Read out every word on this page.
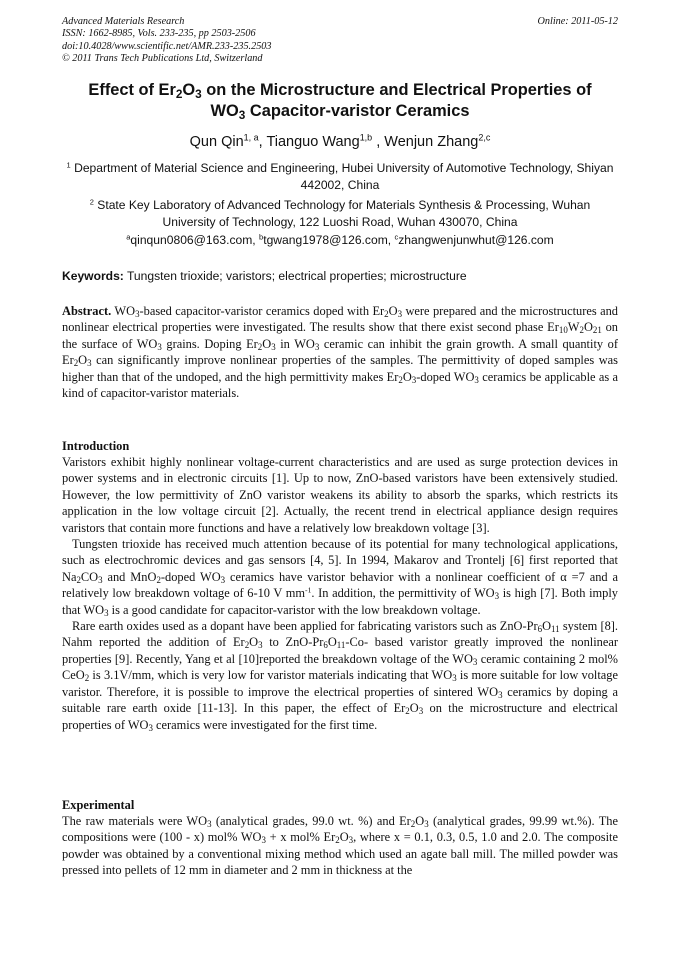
Advanced Materials Research
ISSN: 1662-8985, Vols. 233-235, pp 2503-2506
doi:10.4028/www.scientific.net/AMR.233-235.2503
© 2011 Trans Tech Publications Ltd, Switzerland
Online: 2011-05-12
Effect of $Er_2O_3$ on the Microstructure and Electrical Properties of
$WO_3$ Capacitor-varistor Ceramics
Qun Qin$^{1, a}$, Tianguo Wang$^{1,b}$ , Wenjun Zhang$^{2,c}$
$^1$ Department of Material Science and Engineering, Hubei University of Automotive Technology, Shiyan 442002, China
$^2$ State Key Laboratory of Advanced Technology for Materials Synthesis & Processing, Wuhan University of Technology, 122 Luoshi Road, Wuhan 430070, China
$^a$qinqun0806@163.com, $^b$tgwang1978@126.com, $^c$zhangwenjunwhut@126.com
Keywords: Tungsten trioxide; varistors; electrical properties; microstructure
Abstract. $WO_3$-based capacitor-varistor ceramics doped with $Er_2O_3$ were prepared and the microstructures and nonlinear electrical properties were investigated. The results show that there exist second phase $Er_{10}W_2O_{21}$ on the surface of $WO_3$ grains. Doping $Er_2O_3$ in $WO_3$ ceramic can inhibit the grain growth. A small quantity of $Er_2O_3$ can significantly improve nonlinear properties of the samples. The permittivity of doped samples was higher than that of the undoped, and the high permittivity makes $Er_2O_3$-doped $WO_3$ ceramics be applicable as a kind of capacitor-varistor materials.
Introduction

Varistors exhibit highly nonlinear voltage-current characteristics and are used as surge protection devices in power systems and in electronic circuits [1]. Up to now, ZnO-based varistors have been extensively studied. However, the low permittivity of ZnO varistor weakens its ability to absorb the sparks, which restricts its application in the low voltage circuit [2]. Actually, the recent trend in electrical appliance design requires varistors that contain more functions and have a relatively low breakdown voltage [3].

Tungsten trioxide has received much attention because of its potential for many technological applications, such as electrochromic devices and gas sensors [4, 5]. In 1994, Makarov and Trontelj [6] first reported that $Na_2CO_3$ and MnO$_2$-doped $WO_3$ ceramics have varistor behavior with a nonlinear coefficient of α =7 and a relatively low breakdown voltage of 6-10 V $mm^{-1}$. In addition, the permittivity of $WO_3$ is high [7]. Both imply that $WO_3$ is a good candidate for capacitor-varistor with the low breakdown voltage.

Rare earth oxides used as a dopant have been applied for fabricating varistors such as ZnO-$Pr_6O_{11}$ system [8]. Nahm reported the addition of $Er_2O_3$ to ZnO-$Pr_6O_{11}-Co-$ based varistor greatly improved the nonlinear properties [9]. Recently, Yang et al [10]reported the breakdown voltage of the $WO_3$ ceramic containing 2 mol% CeO$_2$ is 3.1V/mm, which is very low for varistor materials indicating that $WO_3$ is more suitable for low voltage varistor. Therefore, it is possible to improve the electrical properties of sintered $WO_3$ ceramics by doping a suitable rare earth oxide [11-13]. In this paper, the effect of $Er_2O_3$ on the microstructure and electrical properties of $WO_3$ ceramics were investigated for the first time.

Experimental
The raw materials were $WO_3$ (analytical grades, 99.0 wt. %) and $Er_2O_3$ (analytical grades, 99.99 wt.%). The compositions were (100 - x) mol% $WO_3 + x$ mol% $Er_2O_3$, where x = 0.1, 0.3, 0.5, 1.0 and 2.0. The composite powder was obtained by a conventional mixing method which used an agate ball mill. The milled powder was pressed into pellets of 12 mm in diameter and 2 mm in thickness at the
